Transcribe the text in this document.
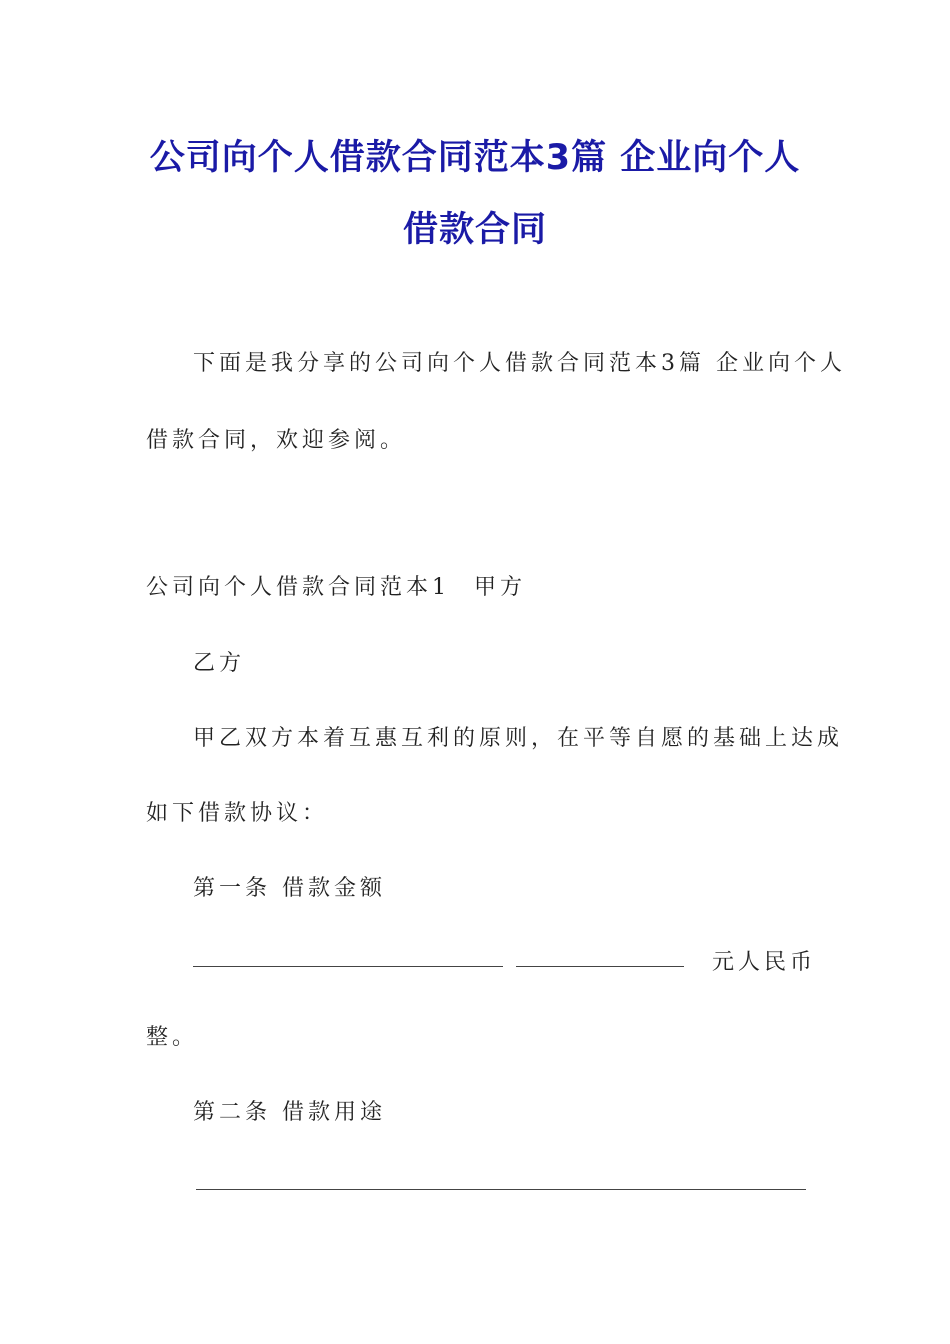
公司向个人借款合同范本3篇 企业向个人
借款合同

下面是我分享的公司向个人借款合同范本3篇 企业向个人

借款合同，欢迎参阅。

公司向个人借款合同范本1 甲方

乙方

甲乙双方本着互惠互利的原则，在平等自愿的基础上达成

如下借款协议：

第一条 借款金额

元人民币

整。

第二条 借款用途
